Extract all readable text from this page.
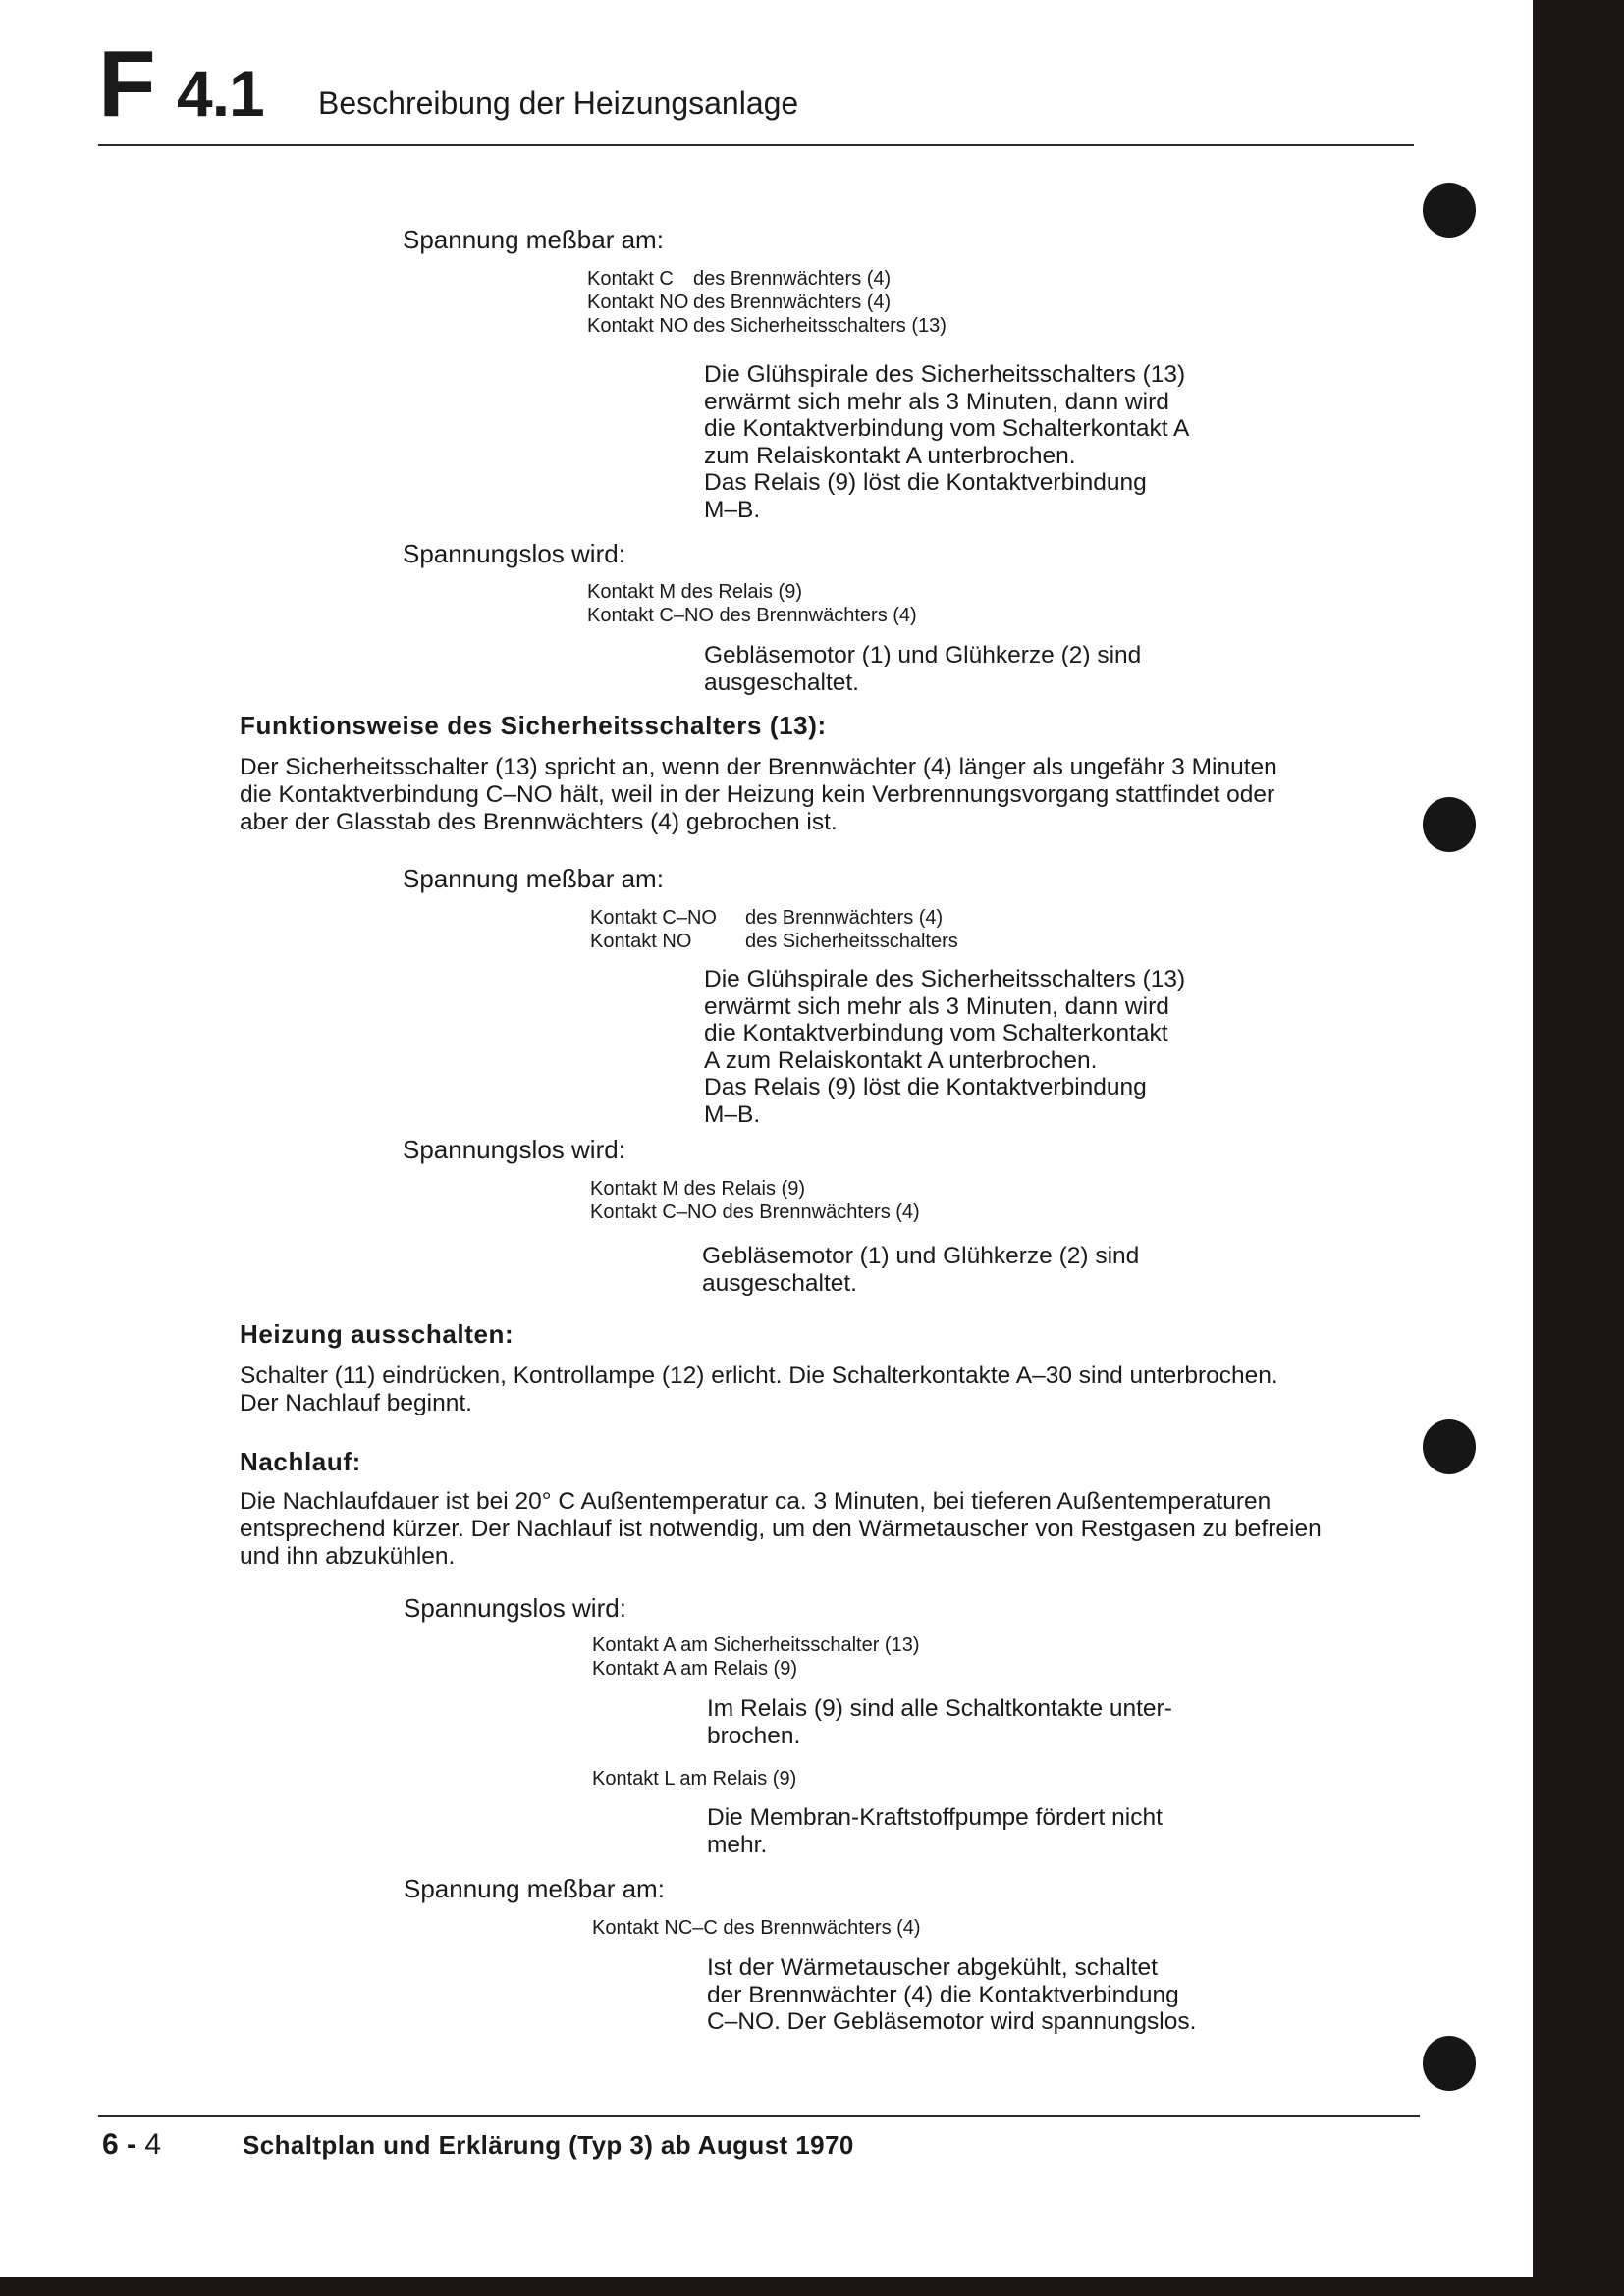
F 4.1 Beschreibung der Heizungsanlage
Spannung meßbar am:
Kontakt C des Brennwächters (4)
Kontakt NO des Brennwächters (4)
Kontakt NO des Sicherheitsschalters (13)
Die Glühspirale des Sicherheitsschalters (13)
erwärmt sich mehr als 3 Minuten, dann wird
die Kontaktverbindung vom Schalterkontakt A
zum Relaiskontakt A unterbrochen.
Das Relais (9) löst die Kontaktverbindung
M–B.
Spannungslos wird:
Kontakt M des Relais (9)
Kontakt C–NO des Brennwächters (4)
Gebläsemotor (1) und Glühkerze (2) sind
ausgeschaltet.
Funktionsweise des Sicherheitsschalters (13):
Der Sicherheitsschalter (13) spricht an, wenn der Brennwächter (4) länger als ungefähr 3 Minuten
die Kontaktverbindung C–NO hält, weil in der Heizung kein Verbrennungsvorgang stattfindet oder
aber der Glasstab des Brennwächters (4) gebrochen ist.
Spannung meßbar am:
Kontakt C–NO des Brennwächters (4)
Kontakt NO	des Sicherheitsschalters
Die Glühspirale des Sicherheitsschalters (13)
erwärmt sich mehr als 3 Minuten, dann wird
die Kontaktverbindung vom Schalterkontakt
A zum Relaiskontakt A unterbrochen.
Das Relais (9) löst die Kontaktverbindung
M–B.
Spannungslos wird:
Kontakt M des Relais (9)
Kontakt C–NO des Brennwächters (4)
Gebläsemotor (1) und Glühkerze (2) sind
ausgeschaltet.
Heizung ausschalten:
Schalter (11) eindrücken, Kontrollampe (12) erlicht. Die Schalterkontakte A–30 sind unterbrochen.
Der Nachlauf beginnt.
Nachlauf:
Die Nachlaufdauer ist bei 20° C Außentemperatur ca. 3 Minuten, bei tieferen Außentemperaturen
entsprechend kürzer. Der Nachlauf ist notwendig, um den Wärmetauscher von Restgasen zu befreien
und ihn abzukühlen.
Spannungslos wird:
Kontakt A am Sicherheitsschalter (13)
Kontakt A am Relais (9)
Im Relais (9) sind alle Schaltkontakte unter-
brochen.
Kontakt L am Relais (9)
Die Membran-Kraftstoffpumpe fördert nicht
mehr.
Spannung meßbar am:
Kontakt NC–C des Brennwächters (4)
Ist der Wärmetauscher abgekühlt, schaltet
der Brennwächter (4) die Kontaktverbindung
C–NO. Der Gebläsemotor wird spannungslos.
6 - 4	Schaltplan und Erklärung (Typ 3) ab August 1970
